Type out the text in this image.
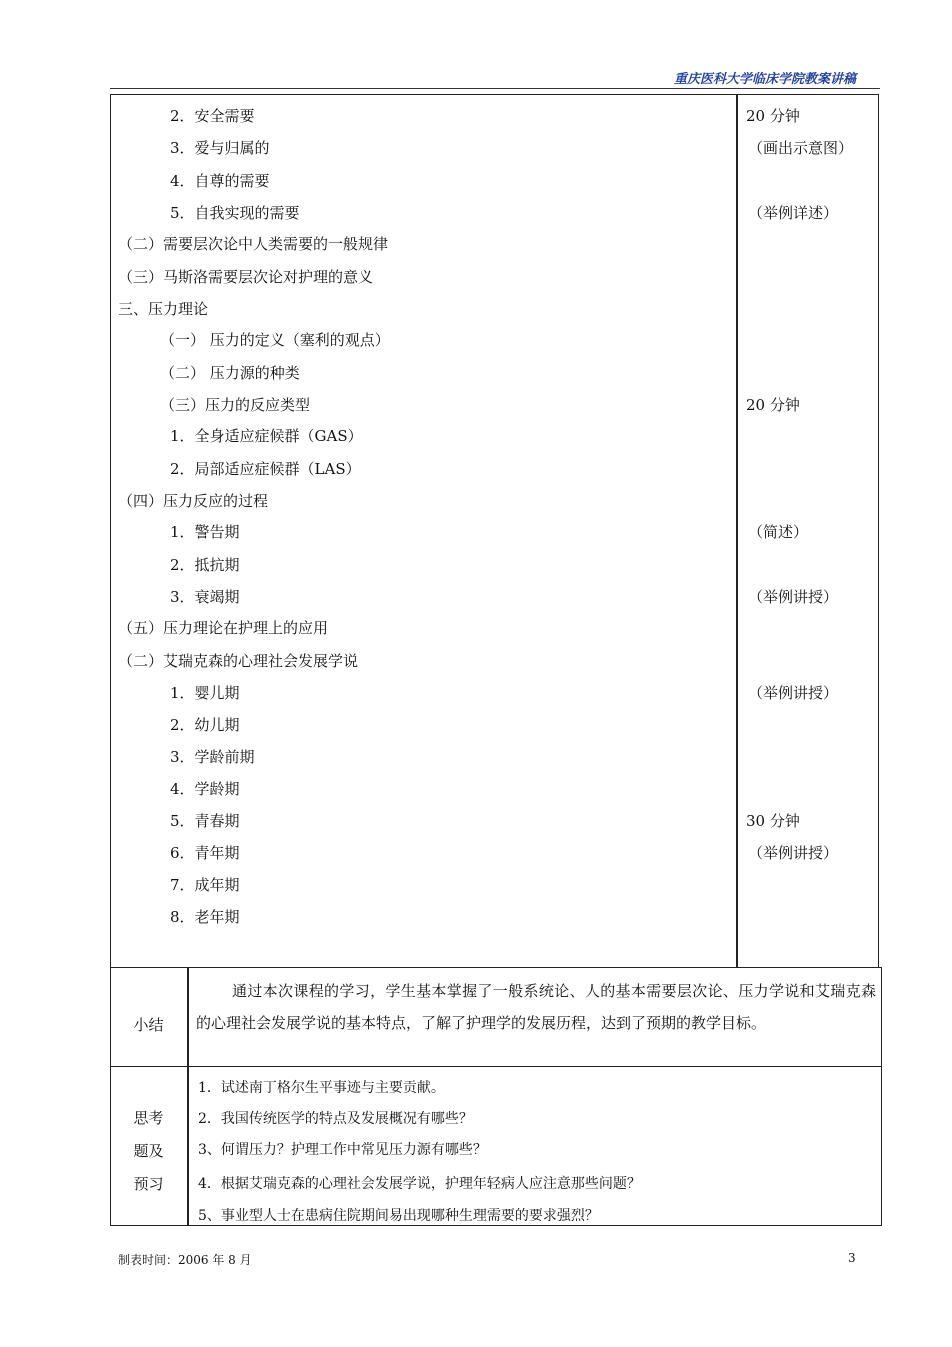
重庆医科大学临床学院教案讲稿
2．安全需要
3．爱与归属的
4．自尊的需要
5．自我实现的需要
（二）需要层次论中人类需要的一般规律
（三）马斯洛需要层次论对护理的意义
三、压力理论
（一） 压力的定义（塞利的观点）
（二） 压力源的种类
（三）压力的反应类型
1．全身适应症候群（GAS）
2．局部适应症候群（LAS）
（四）压力反应的过程
1．警告期
2．抵抗期
3．衰竭期
（五）压力理论在护理上的应用
（二）艾瑞克森的心理社会发展学说
1．婴儿期
2．幼儿期
3．学龄前期
4．学龄期
5．青春期
6．青年期
7．成年期
8．老年期
20 分钟
（画出示意图）
（举例详述）
20 分钟
（简述）
（举例讲授）
（举例讲授）
30 分钟
（举例讲授）
小结
通过本次课程的学习，学生基本掌握了一般系统论、人的基本需要层次论、压力学说和艾瑞克森的心理社会发展学说的基本特点，了解了护理学的发展历程，达到了预期的教学目标。
思考
题及
预习
1．试述南丁格尔生平事迹与主要贡献。
2．我国传统医学的特点及发展概况有哪些？
3、何谓压力？护理工作中常见压力源有哪些？
4．根据艾瑞克森的心理社会发展学说，护理年轻病人应注意那些问题？
5、事业型人士在患病住院期间易出现哪种生理需要的要求强烈？
制表时间：2006 年 8 月	3
